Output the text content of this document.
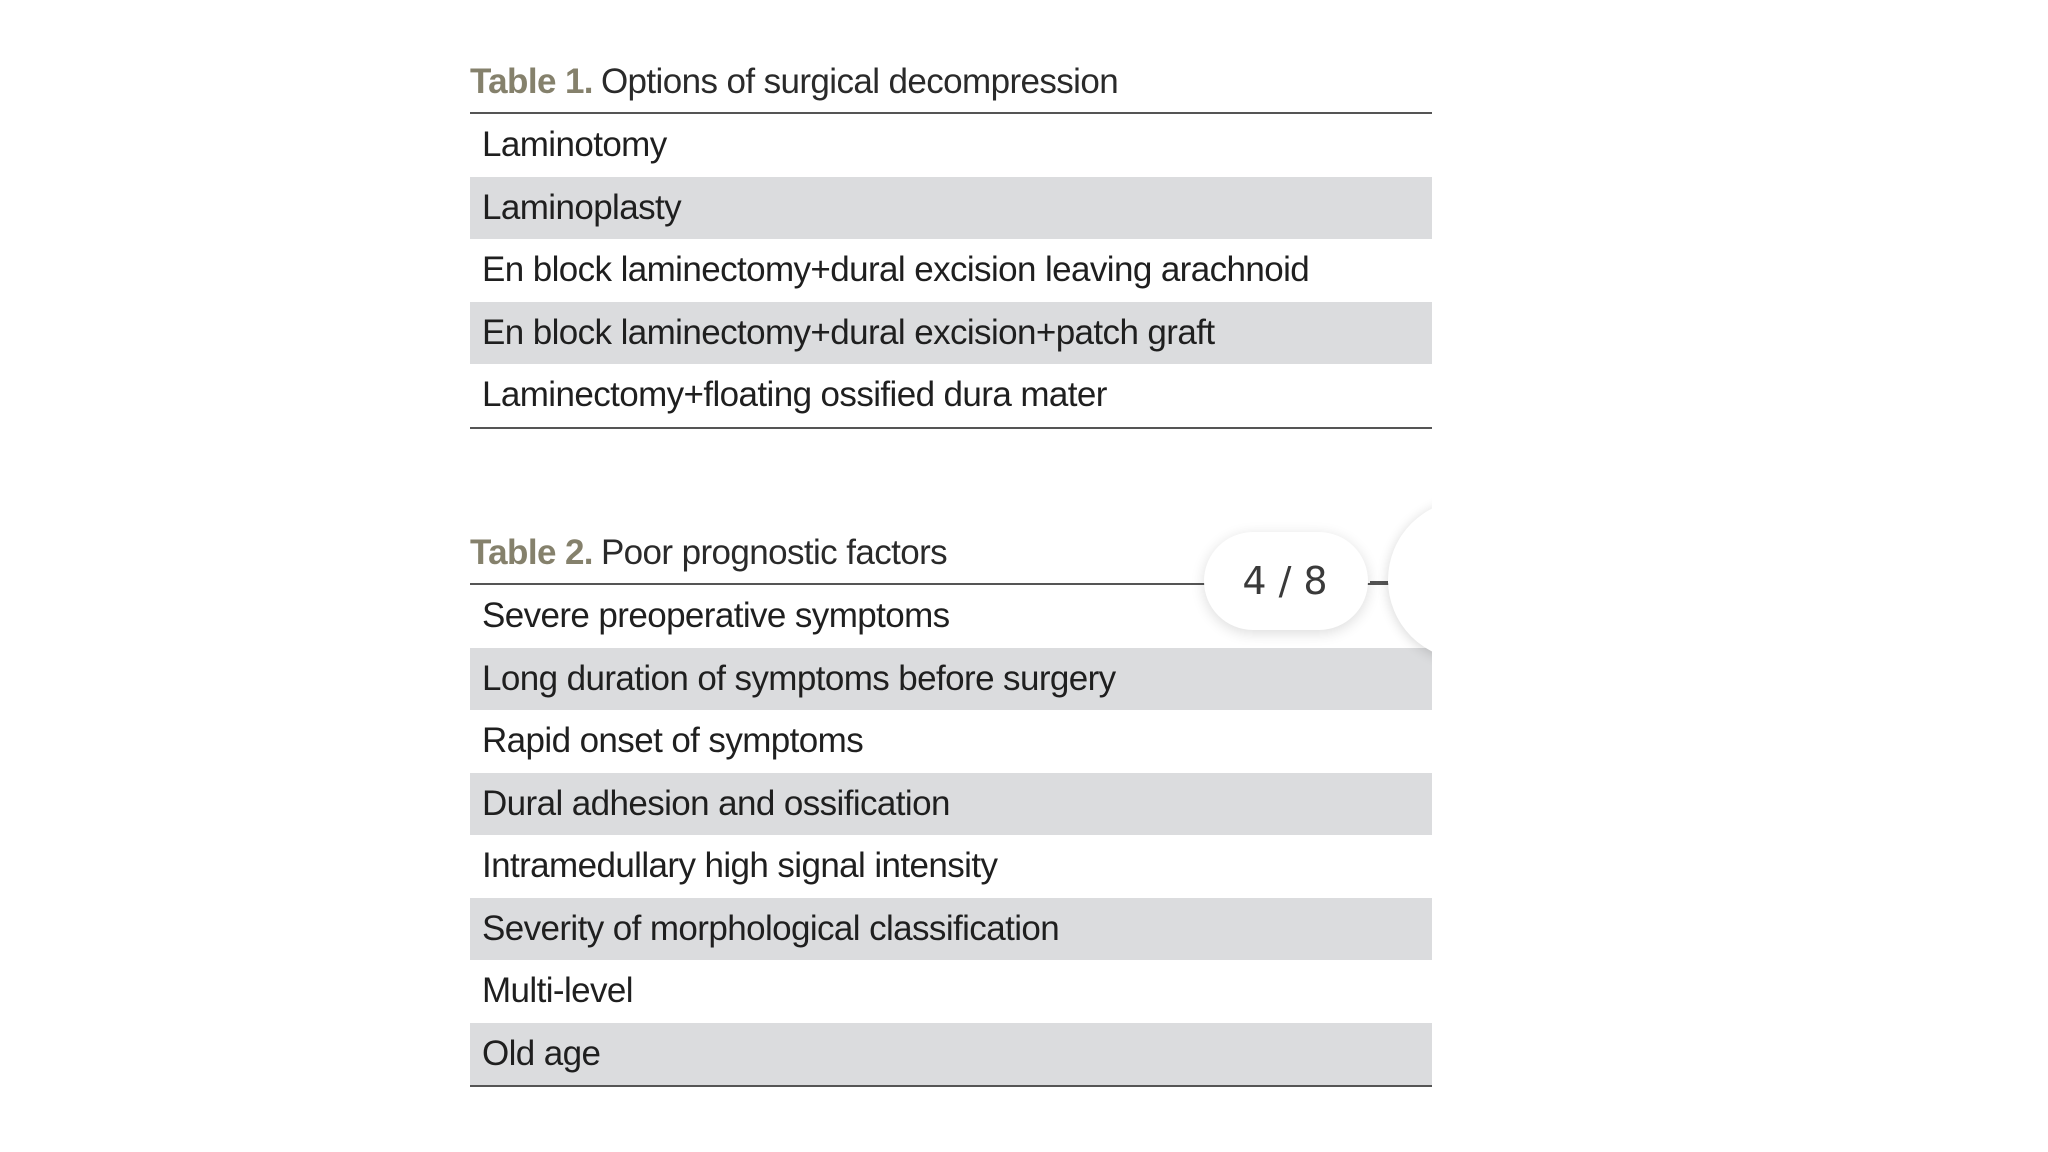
Table 1. Options of surgical decompression
Laminotomy
Laminoplasty
En block laminectomy+dural excision leaving arachnoid
En block laminectomy+dural excision+patch graft
Laminectomy+floating ossified dura mater
Table 2. Poor prognostic factors
Severe preoperative symptoms
Long duration of symptoms before surgery
Rapid onset of symptoms
Dural adhesion and ossification
Intramedullary high signal intensity
Severity of morphological classification
Multi-level
Old age
4 / 8
